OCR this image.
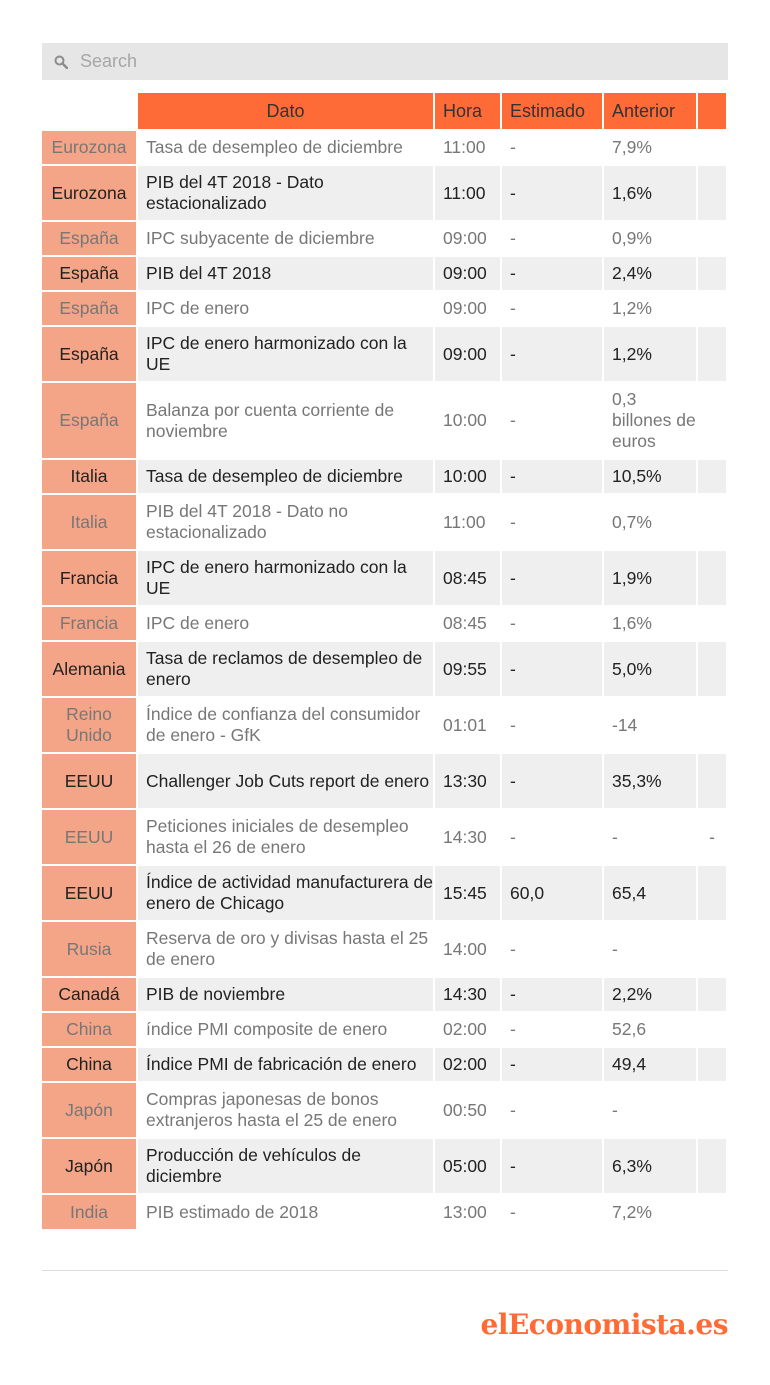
Search
	Dato	Hora	Estimado	Anterior	
Eurozona	Tasa de desempleo de diciembre	11:00	-	7,9%	
Eurozona	PIB del 4T 2018 - Dato estacionalizado	11:00	-	1,6%	
España	IPC subyacente de diciembre	09:00	-	0,9%	
España	PIB del 4T 2018	09:00	-	2,4%	
España	IPC de enero	09:00	-	1,2%	
España	IPC de enero harmonizado con la UE	09:00	-	1,2%	
España	Balanza por cuenta corriente de noviembre	10:00	-	0,3 billones de euros	
Italia	Tasa de desempleo de diciembre	10:00	-	10,5%	
Italia	PIB del 4T 2018 - Dato no estacionalizado	11:00	-	0,7%	
Francia	IPC de enero harmonizado con la UE	08:45	-	1,9%	
Francia	IPC de enero	08:45	-	1,6%	
Alemania	Tasa de reclamos de desempleo de enero	09:55	-	5,0%	
Reino Unido	Índice de confianza del consumidor de enero - GfK	01:01	-	-14	
EEUU	Challenger Job Cuts report de enero	13:30	-	35,3%	
EEUU	Peticiones iniciales de desempleo hasta el 26 de enero	14:30	-	-	-
EEUU	Índice de actividad manufacturera de enero de Chicago	15:45	60,0	65,4	
Rusia	Reserva de oro y divisas hasta el 25 de enero	14:00	-	-	
Canadá	PIB de noviembre	14:30	-	2,2%	
China	índice PMI composite de enero	02:00	-	52,6	
China	Índice PMI de fabricación de enero	02:00	-	49,4	
Japón	Compras japonesas de bonos extranjeros hasta el 25 de enero	00:50	-	-	
Japón	Producción de vehículos de diciembre	05:00	-	6,3%	
India	PIB estimado de 2018	13:00	-	7,2%	
elEconomista.es
